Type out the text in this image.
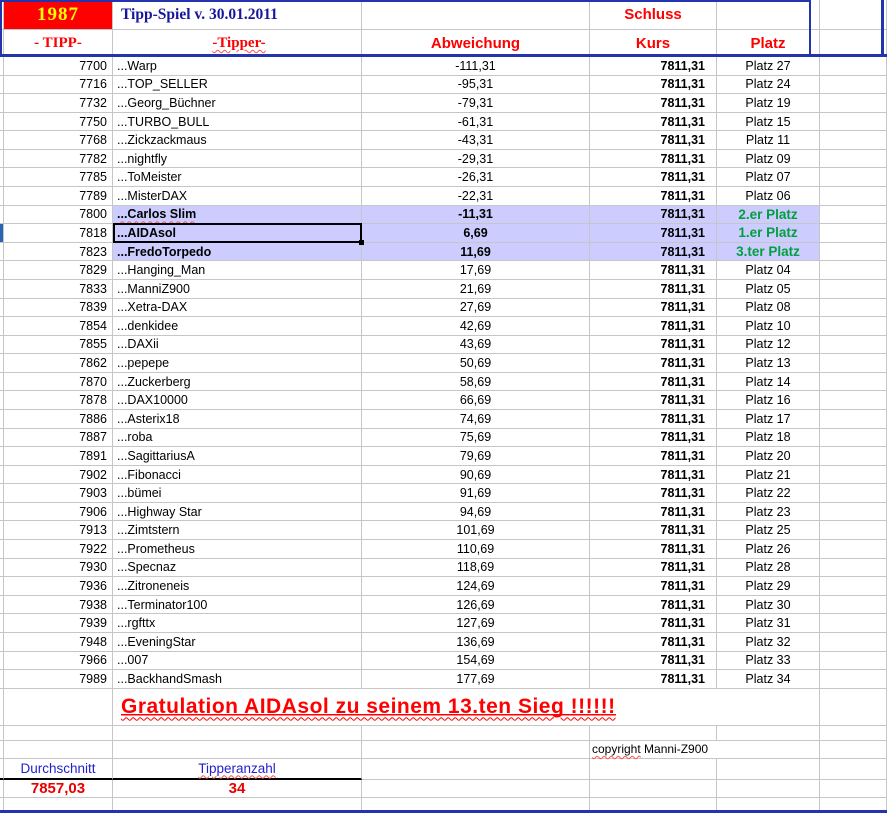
1987	Tipp-Spiel v. 30.01.2011	Schluss
- TIPP-	-Tipper-	Abweichung	Kurs	Platz
7700 ...Warp	-111,31	7811,31	Platz 27
7716 ...TOP_SELLER	-95,31	7811,31	Platz 24
7732 ...Georg_Büchner	-79,31	7811,31	Platz 19
7750 ...TURBO_BULL	-61,31	7811,31	Platz 15
7768 ...Zickzackmaus	-43,31	7811,31	Platz 11
7782 ...nightfly	-29,31	7811,31	Platz 09
7785 ...ToMeister	-26,31	7811,31	Platz 07
7789 ...MisterDAX	-22,31	7811,31	Platz 06
7800 ...Carlos Slim	-11,31	7811,31	2.er Platz
7818 ...AIDAsol	6,69	7811,31	1.er Platz
7823 ...FredoTorpedo	11,69	7811,31	3.ter Platz
7829 ...Hanging_Man	17,69	7811,31	Platz 04
7833 ...ManniZ900	21,69	7811,31	Platz 05
7839 ...Xetra-DAX	27,69	7811,31	Platz 08
7854 ...denkidee	42,69	7811,31	Platz 10
7855 ...DAXii	43,69	7811,31	Platz 12
7862 ...pepepe	50,69	7811,31	Platz 13
7870 ...Zuckerberg	58,69	7811,31	Platz 14
7878 ...DAX10000	66,69	7811,31	Platz 16
7886 ...Asterix18	74,69	7811,31	Platz 17
7887 ...roba	75,69	7811,31	Platz 18
7891 ...SagittariusA	79,69	7811,31	Platz 20
7902 ...Fibonacci	90,69	7811,31	Platz 21
7903 ...bümei	91,69	7811,31	Platz 22
7906 ...Highway Star	94,69	7811,31	Platz 23
7913 ...Zimtstern	101,69	7811,31	Platz 25
7922 ...Prometheus	110,69	7811,31	Platz 26
7930 ...Specnaz	118,69	7811,31	Platz 28
7936 ...Zitroneneis	124,69	7811,31	Platz 29
7938 ...Terminator100	126,69	7811,31	Platz 30
7939 ...rgfttx	127,69	7811,31	Platz 31
7948 ...EveningStar	136,69	7811,31	Platz 32
7966 ...007	154,69	7811,31	Platz 33
7989 ...BackhandSmash	177,69	7811,31	Platz 34
Gratulation AIDAsol zu seinem 13.ten Sieg !!!!!!
copyright Manni-Z900
Durchschnitt	Tipperanzahl
7857,03	34
